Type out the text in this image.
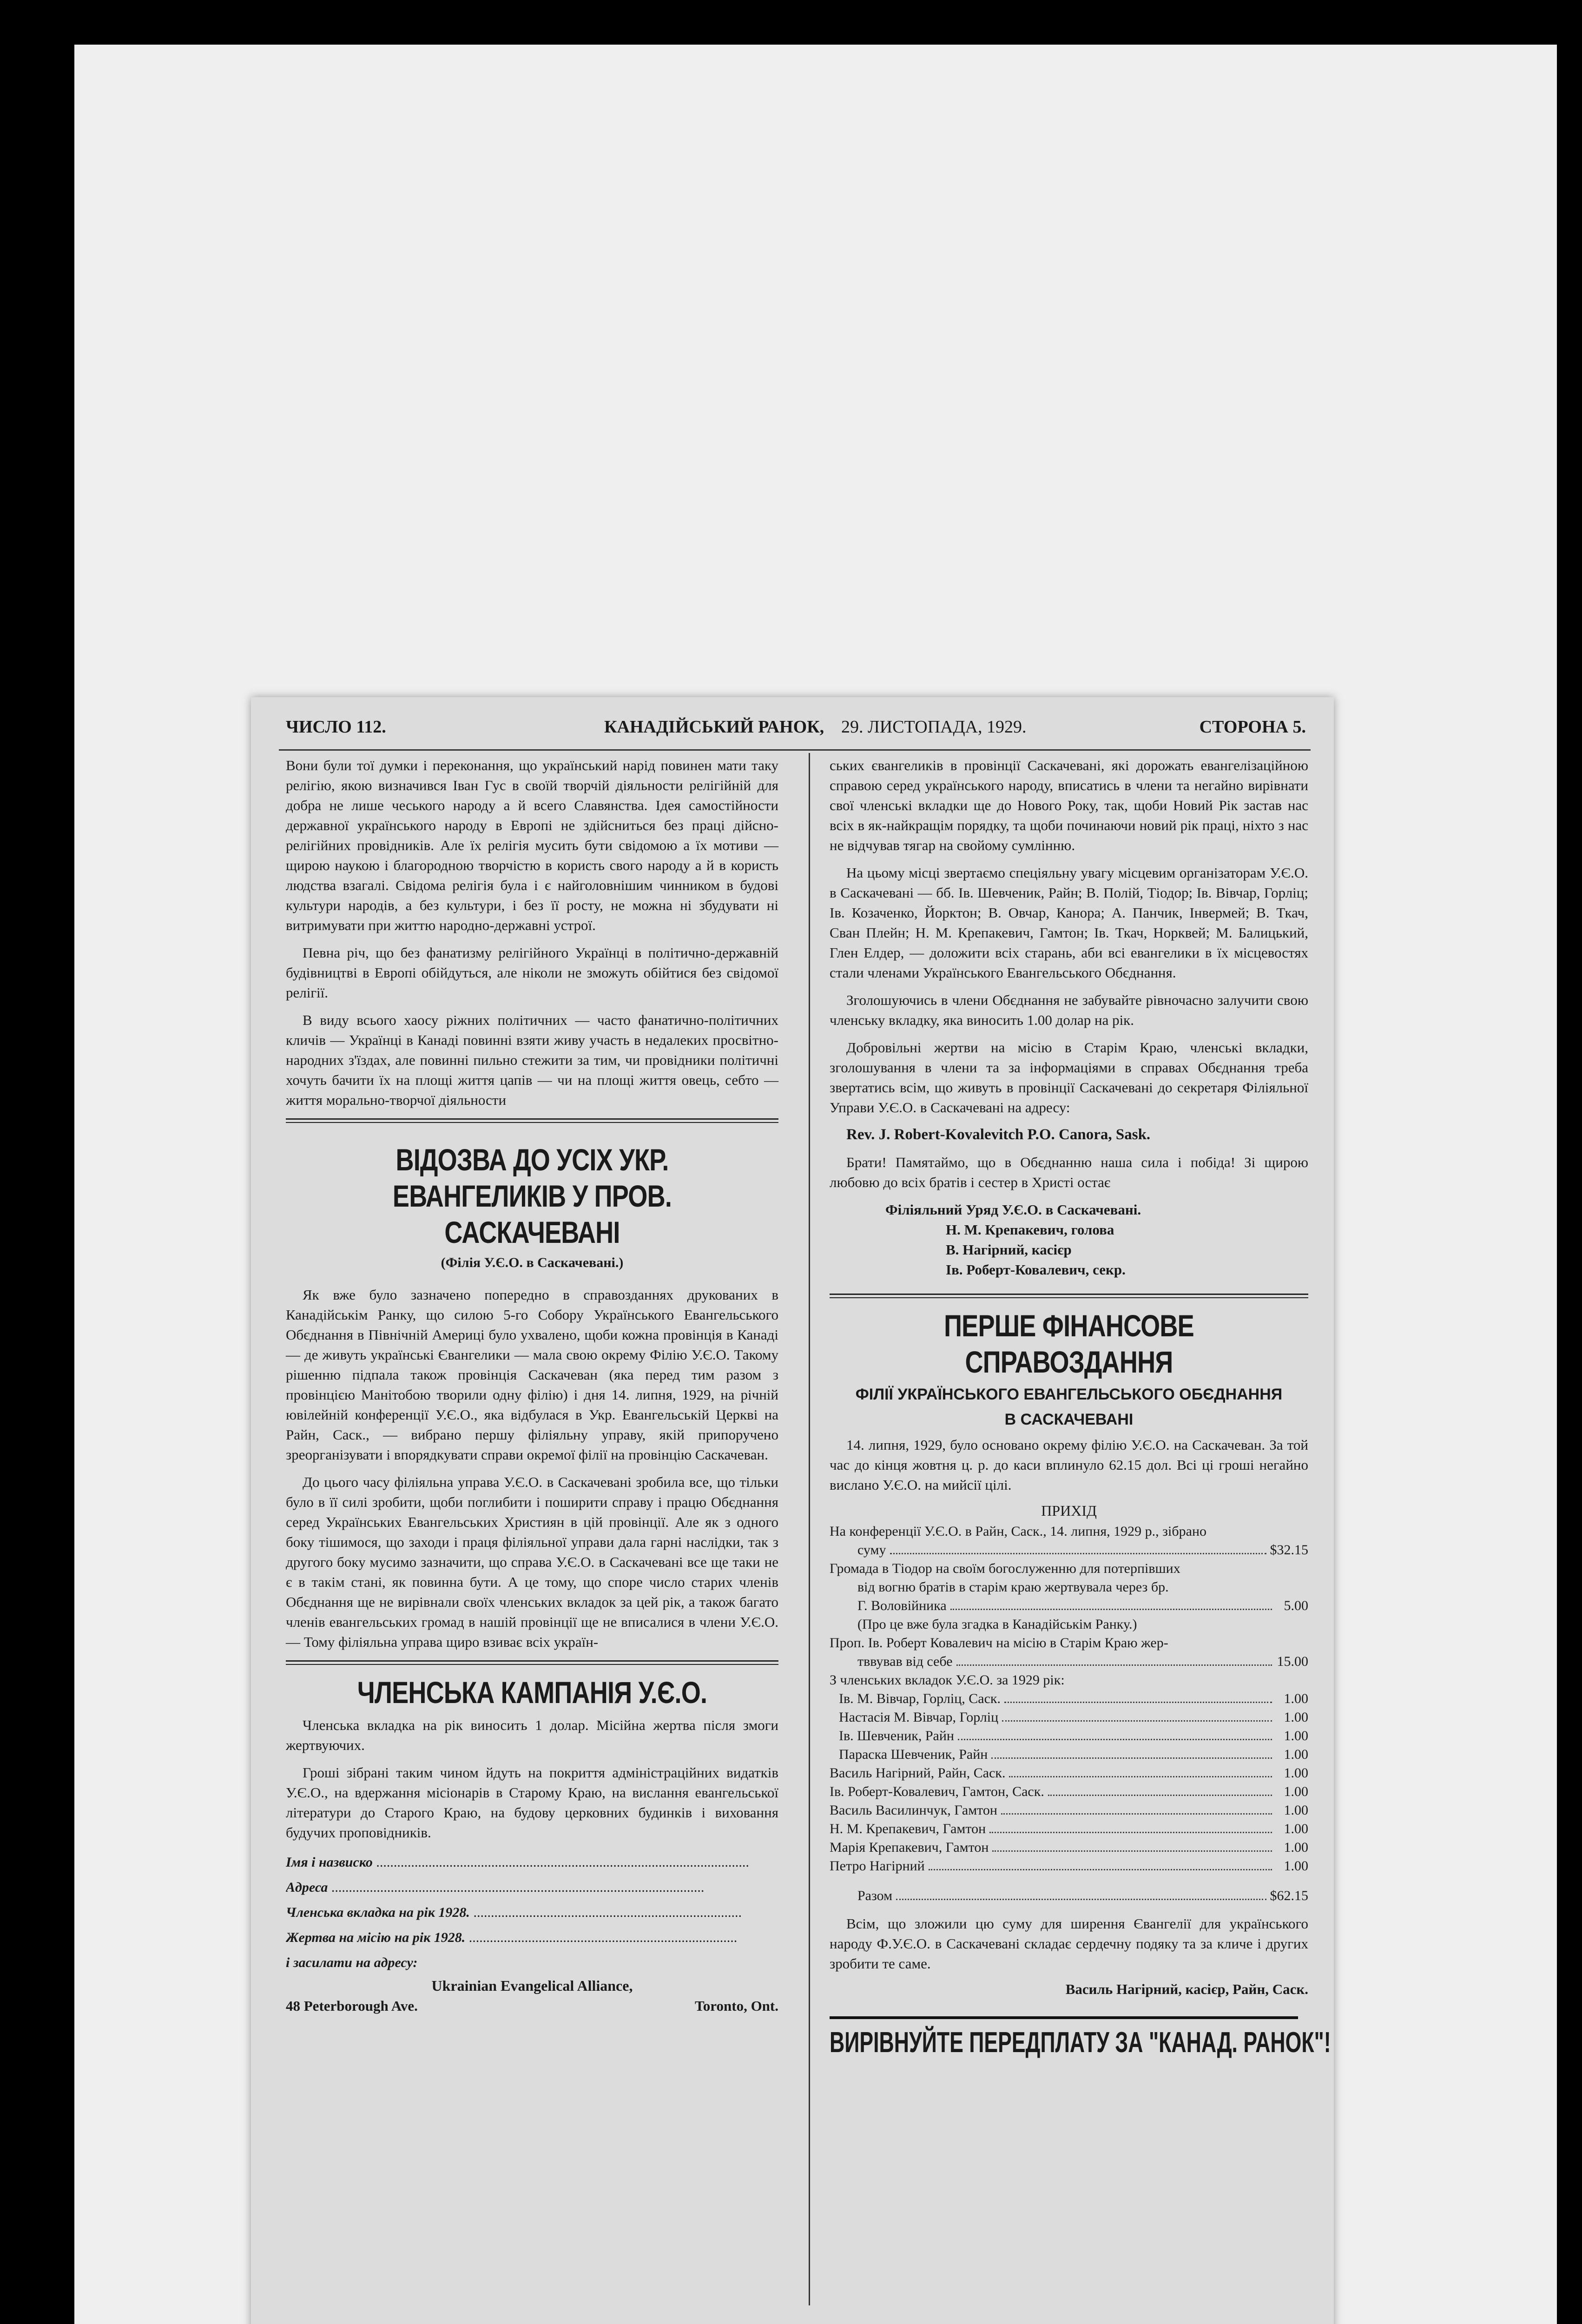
ЧИСЛО 112.	КАНАДІЙСЬКИЙ РАНОК, 29. ЛИСТОПАДА, 1929.	СТОРОНА 5.

Вони були тої думки і переконання, що український нарід повинен мати таку релігію, якою визначився Іван Гус в своїй творчій діяльности релігійній для добра не лише чеського народу а й всего Славянства. Ідея самостійности державної українського народу в Европі не здійсниться без праці дійсно-релігійних провідників. Але їх релігія мусить бути свідомою а їх мотиви — щирою наукою і благородною творчістю в користь свого народу а й в користь людства взагалі. Свідома релігія була і є найголовнішим чинником в будові культури народів, а без культури, і без її росту, не можна ні збудувати ні витримувати при життю народно-державні устрої.

Певна річ, що без фанатизму релігійного Українці в політично-державній будівництві в Европі обійдуться, але ніколи не зможуть обійтися без свідомої релігії.

В виду всього хаосу ріжних політичних — часто фанатично-політичних кличів — Українці в Канаді повинні взяти живу участь в недалеких просвітно-народних з'їздах, але повинні пильно стежити за тим, чи провідники політичні хочуть бачити їх на площі життя цапів — чи на площі життя овець, себто — життя морально-творчої діяльности

ВІДОЗВА ДО УСІХ УКР. ЕВАНГЕЛИКІВ У ПРОВ. САСКАЧЕВАНІ
(Філія У.Є.О. в Саскачевані.)

Як вже було зазначено попередно в справозданнях друкованих в Канадійськім Ранку, що силою 5-го Собору Українського Евангельського Обєднання в Північній Америці було ухвалено, щоби кожна провінція в Канаді — де живуть українські Євангелики — мала свою окрему Філію У.Є.О. Такому рішенню підпала також провінція Саскачеван (яка перед тим разом з провінцією Манітобою творили одну філію) і дня 14. липня, 1929, на річній ювілейній конференції У.Є.О., яка відбулася в Укр. Евангельській Церкві на Райн, Саск., — вибрано першу філіяльну управу, якій припоручено зреорганізувати і впорядкувати справи окремої філії на провінцію Саскачеван.

До цього часу філіяльна управа У.Є.О. в Саскачевані зробила все, що тільки було в її силі зробити, щоби поглибити і поширити справу і працю Обєднання серед Українських Евангельських Християн в цій провінції. Але як з одного боку тішимося, що заходи і праця філіяльної управи дала гарні наслідки, так з другого боку мусимо зазначити, що справа У.Є.О. в Саскачевані все ще таки не є в такім стані, як повинна бути. А це тому, що спорe число старих членів Обєднання ще не вирівнали своїх членських вкладок за цей рік, а також багато членів евангельських громад в нашій провінції ще не вписалися в члени У.Є.О. — Тому філіяльна управа щиро взиває всіх україн-

ЧЛЕНСЬКА КАМПАНІЯ У.Є.О.

Членська вкладка на рік виносить 1 долар. Місійна жертва після змоги жертвуючих.

Гроші зібрані таким чином йдуть на покриття адміністраційних видатків У.Є.О., на вдержання місіонарів в Старому Краю, на вислання евангельської літератури до Старого Краю, на будову церковних будинків і виховання будучих проповідників.

Імя і назвиско ...........................................................................................................
Адреса ...........................................................................................................
Членська вкладка на рік 1928. .............................................................................
Жертва на місію на рік 1928. .............................................................................
і засилати на адресу:
Ukrainian Evangelical Alliance,
48 Peterborough Ave.	Toronto, Ont.

ських євангеликів в провінції Саскачевані, які дорожать евангелізаційною справою серед українського народу, вписатись в члени та негайно вирівнати свої членські вкладки ще до Нового Року, так, щоби Новий Рік застав нас всіх в як-найкращім порядку, та щоби починаючи новий рік праці, ніхто з нас не відчував тягар на свойому сумлінню.

На цьому місці звертаємо спеціяльну увагу місцевим організаторам У.Є.О. в Саскачевані — бб. Ів. Шевченик, Райн; В. Полій, Тіодор; Ів. Вівчар, Горліц; Ів. Козаченко, Йорктон; В. Овчар, Канора; А. Панчик, Інвермей; В. Ткач, Сван Плейн; Н. М. Крепакевич, Гамтон; Ів. Ткач, Норквей; М. Балицький, Глен Елдер, — доложити всіх старань, аби всі евангелики в їх місцевостях стали членами Українського Евангельського Обєднання.

Зголошуючись в члени Обєднання не забувайте рівночасно залучити свою членську вкладку, яка виносить 1.00 долар на рік.

Добровільні жертви на місію в Старім Краю, членські вкладки, зголошування в члени та за інформаціями в справах Обєднання треба звертатись всім, що живуть в провінції Саскачевані до секретаря Філіяльної Управи У.Є.О. в Саскачевані на адресу:

Rev. J. Robert-Kovalevitch P.O. Canora, Sask.

Брати! Памятаймо, що в Обєднанню наша сила і побіда! Зі щирою любовю до всіх братів і сестер в Христі остає

Філіяльний Уряд У.Є.О. в Саскачевані.
Н. М. Крепакевич, голова
В. Нагірний, касієр
Ів. Роберт-Ковалевич, секр.
ПЕРШЕ ФІНАНСОВЕ СПРАВОЗДАННЯ
ФІЛІЇ УКРАЇНСЬКОГО ЕВАНГЕЛЬСЬКОГО ОБЄДНАННЯ
В САСКАЧЕВАНІ

14. липня, 1929, було основано окрему філію У.Є.О. на Саскачеван. За той час до кінця жовтня ц. р. до каси вплинуло 62.15 дол. Всі ці гроші негайно вислано У.Є.О. на мийсії цілі.

ПРИХІД
На конференції У.Є.О. в Райн, Саск., 14. липня, 1929 р., зібрано
суму	$32.15
Громада в Тіодор на своїм богослуженню для потерпівших
від вогню братів в старім краю жертвувала через бр.
Г. Воловійника	5.00
(Про це вже була згадка в Канадійськім Ранку.)
Проп. Ів. Роберт Ковалевич на місію в Старім Краю жер-
тввував від себе	15.00
З членських вкладок У.Є.О. за 1929 рік:
Ів. М. Вівчар, Горліц, Саск.	1.00
Настасія М. Вівчар, Горліц	1.00
Ів. Шевченик, Райн	1.00
Параска Шевченик, Райн	1.00
Василь Нагірний, Райн, Саск.	1.00
Ів. Роберт-Ковалевич, Гамтон, Саск.	1.00
Василь Василинчук, Гамтон	1.00
Н. М. Крепакевич, Гамтон	1.00
Марія Крепакевич, Гамтон	1.00
Петро Нагірний	1.00
Разом	$62.15

Всім, що зложили цю суму для ширення Євангелії для українського народу Ф.У.Є.О. в Саскачевані складає сердечну подяку та за кличе і других зробити те саме.

Василь Нагірний, касієр, Райн, Саск.
ВИРІВНУЙТЕ ПЕРЕДПЛАТУ ЗА "КАНАД. РАНОК"!
